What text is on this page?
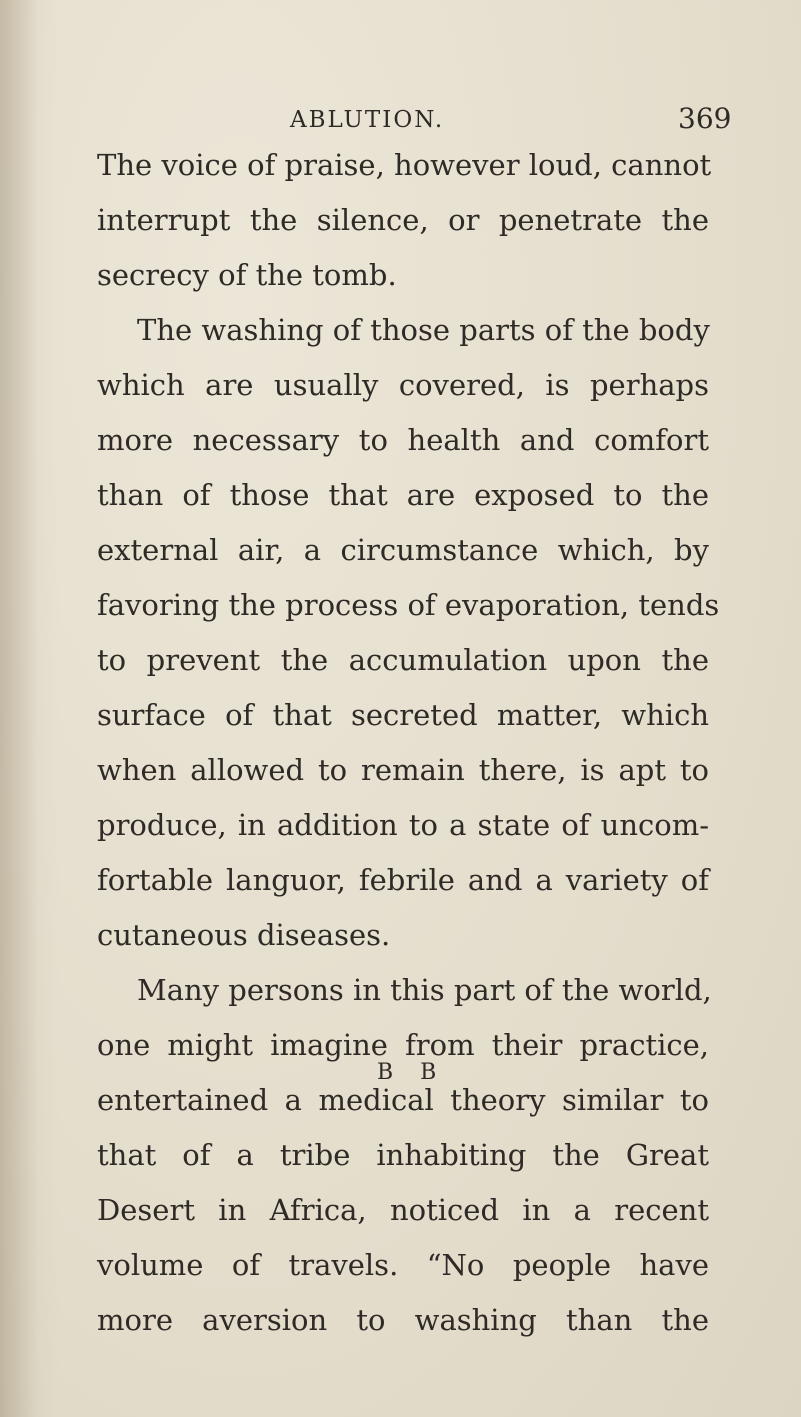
ABLUTION.	369
The voice of praise, however loud, cannot
interrupt the silence, or penetrate the
secrecy of the tomb.
The washing of those parts of the body
which are usually covered, is perhaps
more necessary to health and comfort
than of those that are exposed to the
external air, a circumstance which, by
favoring the process of evaporation, tends
to prevent the accumulation upon the
surface of that secreted matter, which
when allowed to remain there, is apt to
produce, in addition to a state of uncom-
fortable languor, febrile and a variety of
cutaneous diseases.
Many persons in this part of the world,
one might imagine from their practice,
entertained a medical theory similar to
that of a tribe inhabiting the Great
Desert in Africa, noticed in a recent
volume of travels. “No people have
more aversion to washing than the
B B
